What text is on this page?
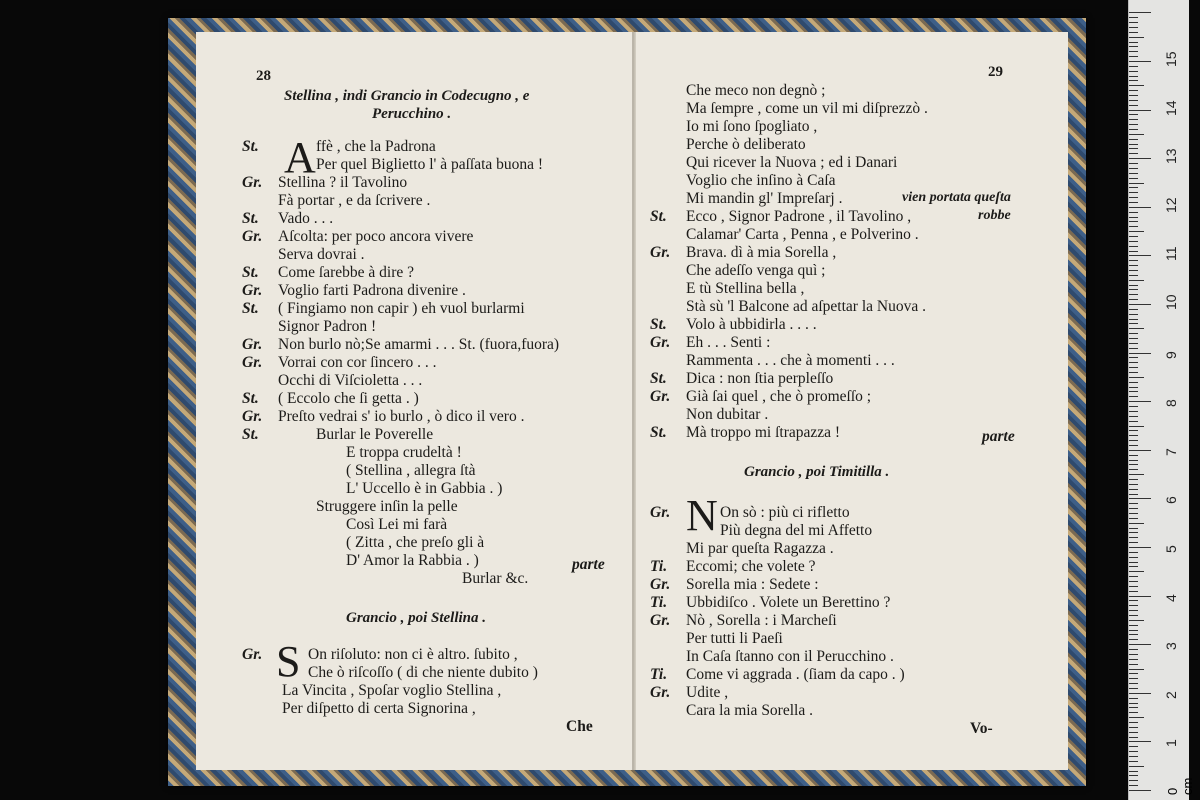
28
Stellina , indi Grancio in Codecugno , e
Perucchino .
A
St.	ffè , che la Padrona
Per quel Biglietto l' à paſſata buona !
Gr. Stellina ? il Tavolino
Fà portar , e da ſcrivere .
St. Vado . . .
Gr. Aſcolta: per poco ancora vivere
Serva dovrai .
St. Come ſarebbe à dire ?
Gr. Voglio farti Padrona divenire .
St. ( Fingiamo non capir ) eh vuol burlarmi
Signor Padron !
Gr. Non burlo nò;Se amarmi . . . St. (fuora,fuora)
Gr. Vorrai con cor ſincero . . .
Occhi di Viſcioletta . . .
St. ( Eccolo che ſi getta . )
Gr. Preſto vedrai s' io burlo , ò dico il vero .
St.	Burlar le Poverelle
E troppa crudeltà !
( Stellina , allegra ſtà
L' Uccello è in Gabbia . )
Struggere inſin la pelle
Così Lei mi farà
( Zitta , che preſo gli à
D' Amor la Rabbia . )
Burlar &c.
parte
Grancio , poi Stellina .
S
Gr.	On riſoluto: non ci è altro. ſubito ,
Che ò riſcoſſo ( di che niente dubito )
La Vincita , Spoſar voglio Stellina ,
Per diſpetto di certa Signorina ,
Che
29
Che meco non degnò ;
Ma ſempre , come un vil mi diſprezzò .
Io mi ſono ſpogliato ,
Perche ò deliberato
Qui ricever la Nuova ; ed i Danari
Voglio che inſino à Caſa
Mi mandin gl' Impreſarj .
St. Ecco , Signor Padrone , il Tavolino ,
Calamar' Carta , Penna , e Polverino .
Gr. Brava. dì à mia Sorella ,
Che adeſſo venga quì ;
E tù Stellina bella ,
Stà sù 'l Balcone ad aſpettar la Nuova .
St. Volo à ubbidirla . . . .
Gr. Eh . . . Senti :
Rammenta . . . che à momenti . . .
St. Dica : non ſtia perpleſſo
Gr. Già ſai quel , che ò promeſſo ;
Non dubitar .
St. Mà troppo mi ſtrapazza !
vien portata queſta
robbe
parte
Grancio , poi Timitilla .
N
Gr.	On sò : più ci rifletto
Più degna del mi Affetto
Mi par queſta Ragazza .
Ti. Eccomi; che volete ?
Gr. Sorella mia : Sedete :
Ti. Ubbidiſco . Volete un Berettino ?
Gr. Nò , Sorella : i Marcheſi
Per tutti li Paeſi
In Caſa ſtanno con il Perucchino .
Ti. Come vi aggrada . (ſiam da capo . )
Gr. Udite ,
Cara la mia Sorella .
Vo-
0 cm
1
2
3
4
5
6
7
8
9
10
11
12
13
14
15
